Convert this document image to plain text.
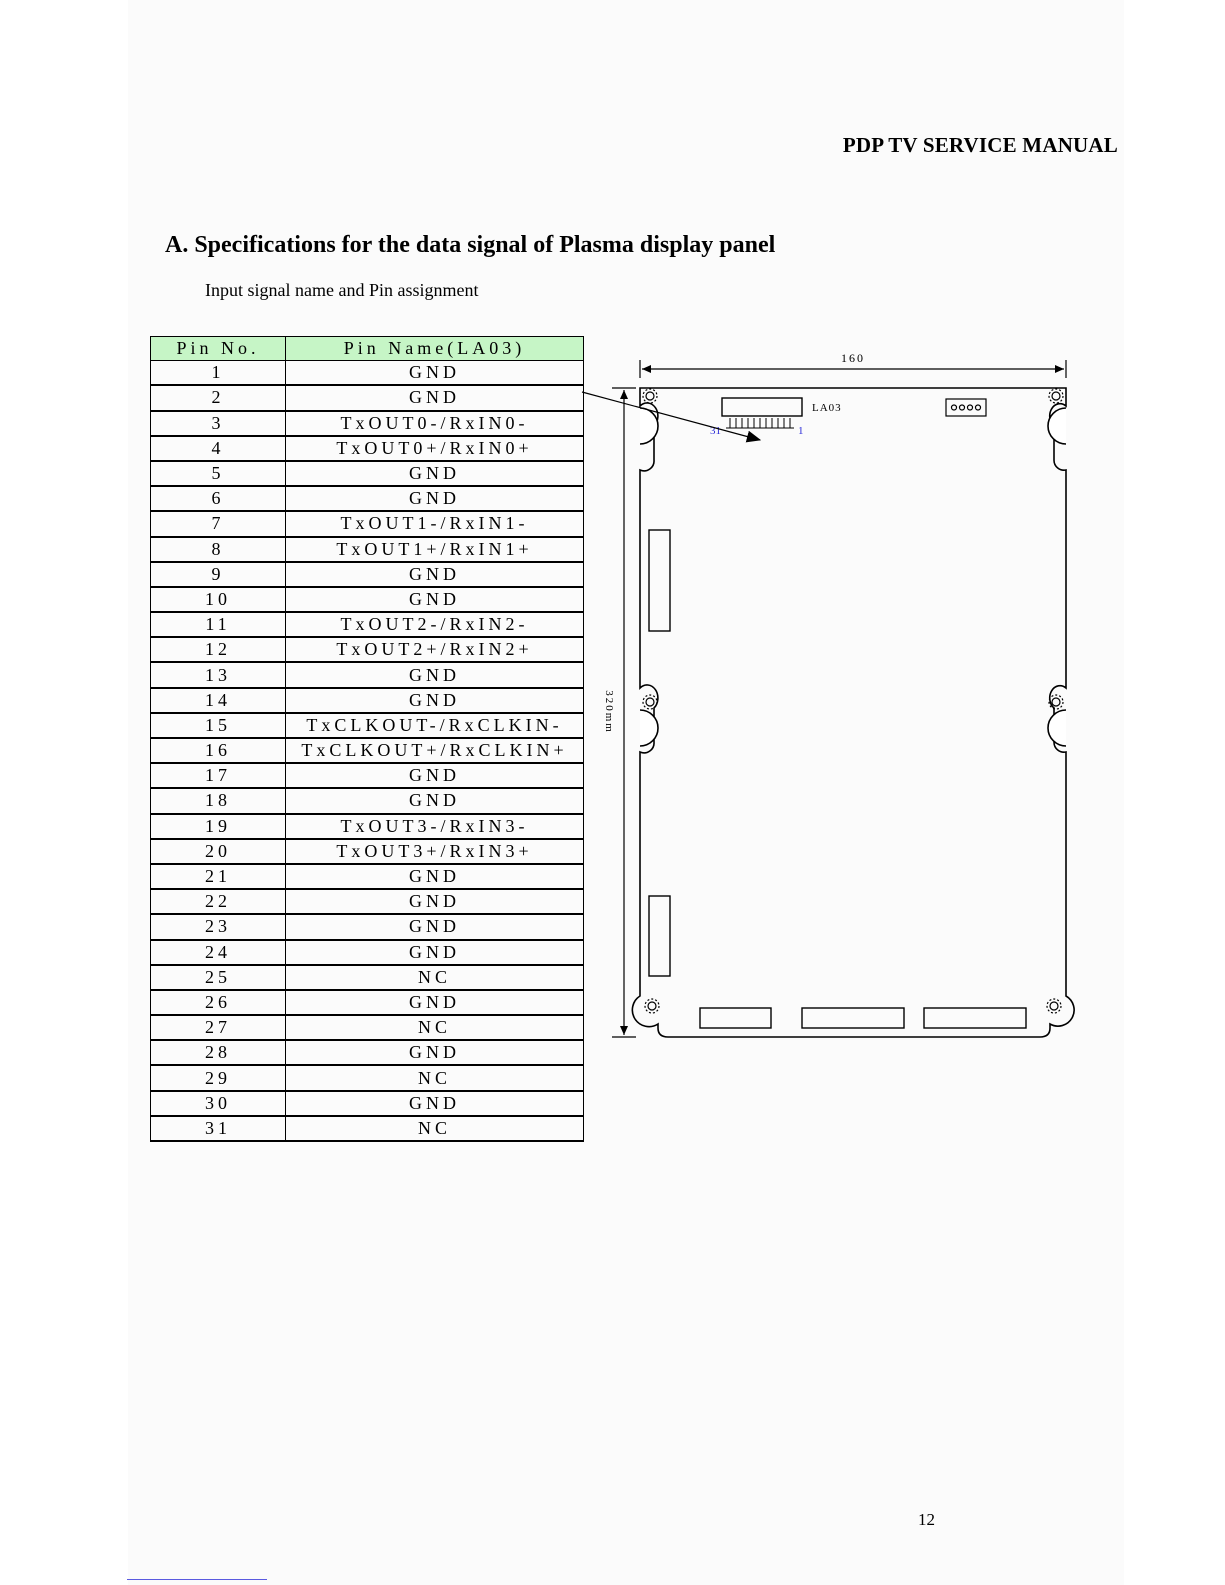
PDP TV SERVICE MANUAL
A. Specifications for the data signal of Plasma display panel
Input signal name and Pin assignment
Pin No.	Pin Name(LA03)
1	GND
2	GND
3	TxOUT0-/RxIN0-
4	TxOUT0+/RxIN0+
5	GND
6	GND
7	TxOUT1-/RxIN1-
8	TxOUT1+/RxIN1+
9	GND
10	GND
11	TxOUT2-/RxIN2-
12	TxOUT2+/RxIN2+
13	GND
14	GND
15	TxCLKOUT-/RxCLKIN-
16	TxCLKOUT+/RxCLKIN+
17	GND
18	GND
19	TxOUT3-/RxIN3-
20	TxOUT3+/RxIN3+
21	GND
22	GND
23	GND
24	GND
25	NC
26	GND
27	NC
28	GND
29	NC
30	GND
31	NC
160
320mm
LA03
31	1
12
